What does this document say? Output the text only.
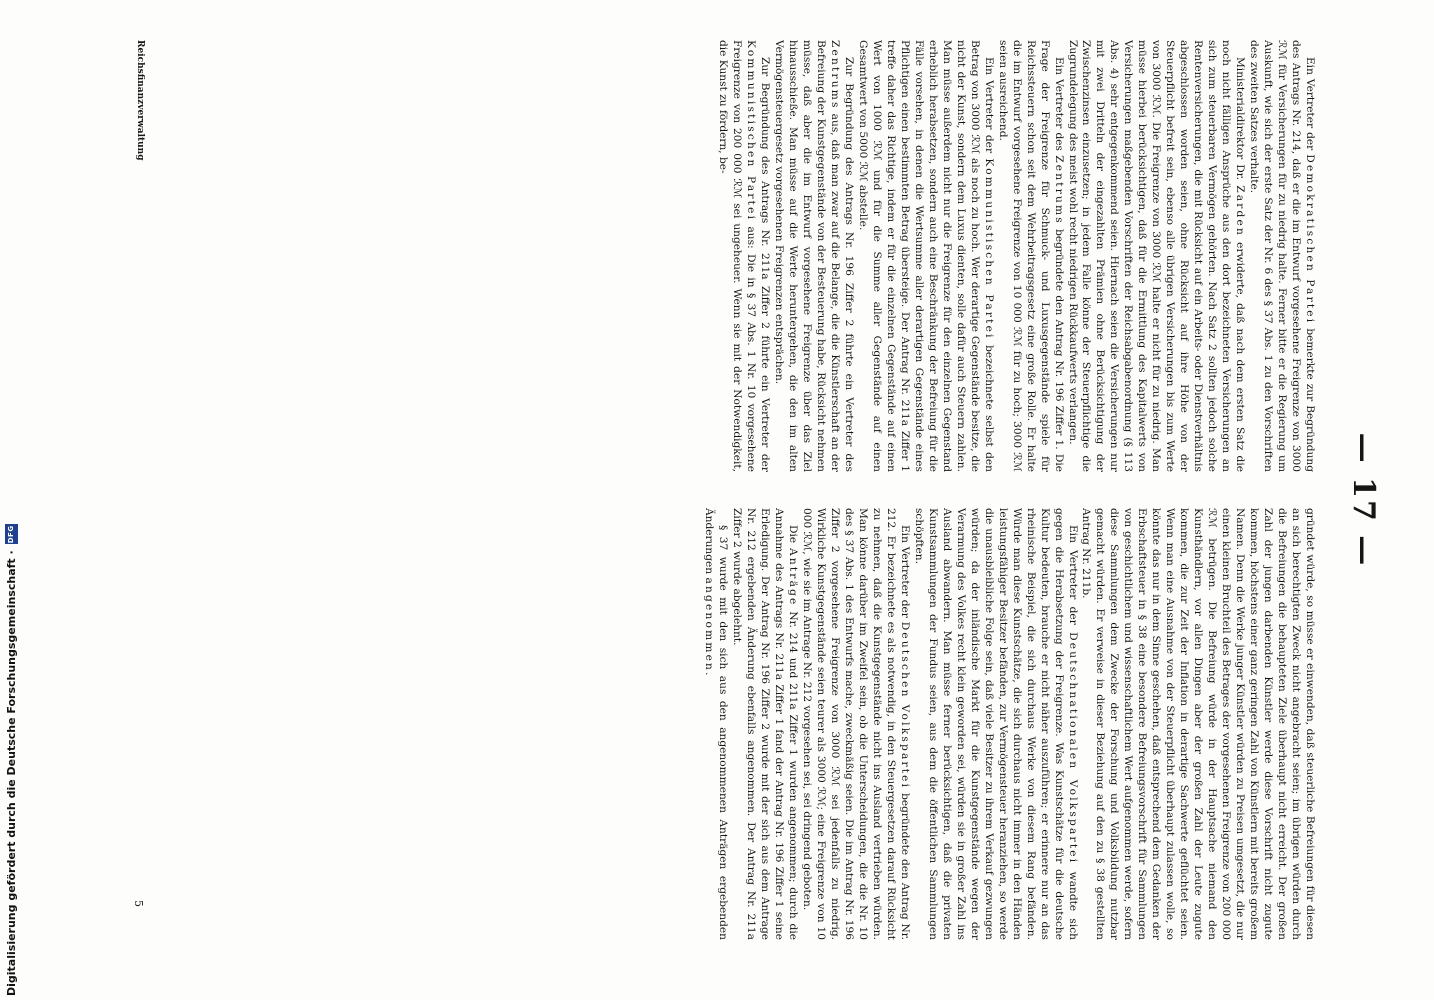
— 17 —

Ein Vertreter der Demokratischen Partei bemerkte zur Begründung des Antrags Nr. 214, daß er die im Entwurf vorgesehene Freigrenze von 3000 ℛℳ für Versicherungen für zu niedrig halte. Ferner bitte er die Regierung um Auskunft, wie sich der erste Satz der Nr. 6 des § 37 Abs. 1 zu den Vorschriften des zweiten Satzes verhalte.

Ministerialdirektor Dr. Zarden erwiderte, daß nach dem ersten Satz die noch nicht fälligen Ansprüche aus den dort bezeichneten Versicherungen an sich zum steuerbaren Vermögen gehörten. Nach Satz 2 sollten jedoch solche Rentenversicherungen, die mit Rücksicht auf ein Arbeits- oder Dienstverhältnis abgeschlossen worden seien, ohne Rücksicht auf ihre Höhe von der Steuerpflicht befreit sein, ebenso alle übrigen Versicherungen bis zum Werte von 3000 ℛℳ. Die Freigrenze von 3000 ℛℳ halte er nicht für zu niedrig. Man müsse hierbei berücksichtigen, daß für die Ermittlung des Kapitalwerts von Versicherungen maßgebenden Vorschriften der Reichsabgabenordnung (§ 113 Abs. 4) sehr entgegenkommend seien. Hiernach seien die Versicherungen nur mit zwei Dritteln der eingezahlten Prämien ohne Berücksichtigung der Zwischenzinsen einzusetzen; in jedem Falle könne der Steuerpflichtige die Zugrundelegung des meist wohl recht niedrigen Rückkaufwerts verlangen.

Ein Vertreter des Zentrums begründete den Antrag Nr. 196 Ziffer 1. Die Frage der Freigrenze für Schmuck- und Luxusgegenstände spiele für Reichssteuern schon seit dem Wehrbeitragsgesetz eine große Rolle. Er halte die im Entwurf vorgesehene Freigrenze von 10 000 ℛℳ für zu hoch; 3000 ℛℳ seien ausreichend.

Ein Vertreter der Kommunistischen Partei bezeichnete selbst den Betrag von 3000 ℛℳ als noch zu hoch. Wer derartige Gegenstände besitze, die nicht der Kunst, sondern dem Luxus dienten, solle dafür auch Steuern zahlen. Man müsse außerdem nicht nur die Freigrenze für den einzelnen Gegenstand erheblich herabsetzen, sondern auch eine Beschränkung der Befreiung für die Fälle vorsehen, in denen die Wertsumme aller derartigen Gegenstände eines Pflichtigen einen bestimmten Betrag übersteige. Der Antrag Nr. 211a Ziffer 1 treffe daher das Richtige, indem er für die einzelnen Gegenstände auf einen Wert von 1000 ℛℳ und für die Summe aller Gegenstände auf einen Gesamtwert von 5000 ℛℳ abstelle.

Zur Begründung des Antrags Nr. 196 Ziffer 2 führte ein Vertreter des Zentrums aus, daß man zwar auf die Belange, die die Künstlerschaft an der Befreiung der Kunstgegenstände von der Besteuerung habe, Rücksicht nehmen müsse, daß aber die im Entwurf vorgesehene Freigrenze über das Ziel hinausschieße. Man müsse auf die Werte heruntergehen, die den im alten Vermögensteuergesetz vorgesehenen Freigrenzen entsprächen.

Zur Begründung des Antrags Nr. 211a Ziffer 2 führte ein Vertreter der Kommunistischen Partei aus: Die in § 37 Abs. 1 Nr. 10 vorgesehene Freigrenze von 200 000 ℛℳ sei ungeheuer. Wenn sie mit der Notwendigkeit, die Kunst zu fördern, be-

gründet würde, so müsse er einwenden, daß steuerliche Befreiungen für diesen an sich berechtigten Zweck nicht angebracht seien; im übrigen würden durch die Befreiungen die behaupteten Ziele überhaupt nicht erreicht. Der großen Zahl der jungen darbenden Künstler werde diese Vorschrift nicht zugute kommen, höchstens einer ganz geringen Zahl von Künstlern mit bereits großem Namen. Denn die Werke junger Künstler würden zu Preisen umgesetzt, die nur einen kleinen Bruchteil des Betrages der vorgesehenen Freigrenze von 200 000 ℛℳ betrügen. Die Befreiung würde in der Hauptsache niemand den Kunsthändlern, vor allen Dingen aber der großen Zahl der Leute zugute kommen, die zur Zeit der Inflation in derartige Sachwerte geflüchtet seien. Wenn man eine Ausnahme von der Steuerpflicht überhaupt zulassen wolle, so könnte das nur in dem Sinne geschehen, daß entsprechend dem Gedanken der Erbschaftsteuer in § 38 eine besondere Befreiungsvorschrift für Sammlungen von geschichtlichem und wissenschaftlichem Wert aufgenommen werde, sofern diese Sammlungen dem Zwecke der Forschung und Volksbildung nutzbar gemacht würden. Er verweise in dieser Beziehung auf den zu § 38 gestellten Antrag Nr. 211b.

Ein Vertreter der Deutschnationalen Volkspartei wandte sich gegen die Herabsetzung der Freigrenze. Was Kunstschätze für die deutsche Kultur bedeuten, brauche er nicht näher auszuführen; er erinnere nur an das rheinische Beispiel, die sich durchaus Werke von diesem Rang befänden. Würde man diese Kunstschätze, die sich durchaus nicht immer in den Händen leistungsfähiger Besitzer befänden, zur Vermögensteuer heranziehen, so werde die unausbleibliche Folge sein, daß viele Besitzer zu ihrem Verkauf gezwungen würden; da der inländische Markt für die Kunstgegenstände wegen der Verarmung des Volkes recht klein geworden sei, würden sie in großer Zahl ins Ausland abwandern. Man müsse ferner berücksichtigen, daß die privaten Kunstsammlungen der Fundus seien, aus dem die öffentlichen Sammlungen schöpften.

Ein Vertreter der Deutschen Volkspartei begründete den Antrag Nr. 212. Er bezeichnete es als notwendig, in den Steuergesetzen darauf Rücksicht zu nehmen, daß die Kunstgegenstände nicht ins Ausland vertrieben würden. Man könne darüber im Zweifel sein, ob die Unterscheidungen, die die Nr. 10 des § 37 Abs. 1 des Entwurfs mache, zweckmäßig seien. Die im Antrag Nr. 196 Ziffer 2 vorgesehene Freigrenze von 3000 ℛℳ sei jedenfalls zu niedrig. Wirkliche Kunstgegenstände seien teurer als 3000 ℛℳ; eine Freigrenze von 10 000 ℛℳ, wie sie im Antrage Nr. 212 vorgesehen sei, sei dringend geboten.

Die Anträge Nr. 214 und 211a Ziffer 1 wurden angenommen; durch die Annahme des Antrags Nr. 211a Ziffer 1 fand der Antrag Nr. 196 Ziffer 1 seine Erledigung. Der Antrag Nr. 196 Ziffer 2 wurde mit der sich aus dem Antrage Nr. 212 ergebenden Änderung ebenfalls angenommen. Der Antrag Nr. 211a Ziffer 2 wurde abgelehnt.

§ 37 wurde mit den sich aus den angenommenen Anträgen ergebenden Änderungen angenommen.

Reichsfinanzverwaltung
5
Digitalisierung gefördert durch die Deutsche Forschungsgemeinschaft ·
DFG
